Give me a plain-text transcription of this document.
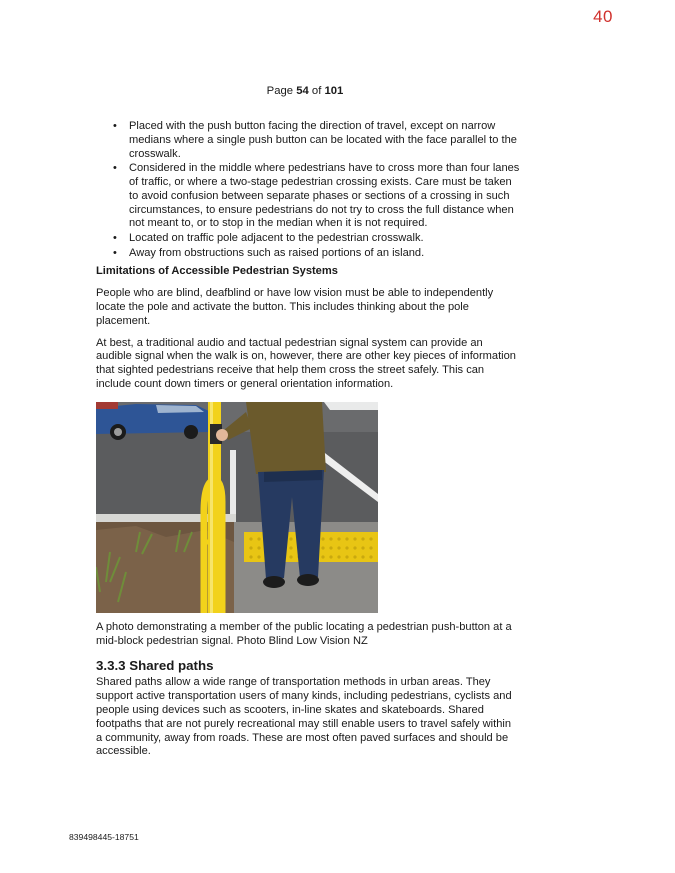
40
Page 54 of 101
• Placed with the push button facing the direction of travel, except on narrow medians where a single push button can be located with the face parallel to the crosswalk.
• Considered in the middle where pedestrians have to cross more than four lanes of traffic, or where a two-stage pedestrian crossing exists. Care must be taken to avoid confusion between separate phases or sections of a crossing in such circumstances, to ensure pedestrians do not try to cross the full distance when not meant to, or to stop in the median when it is not required.
• Located on traffic pole adjacent to the pedestrian crosswalk.
• Away from obstructions such as raised portions of an island.
Limitations of Accessible Pedestrian Systems

People who are blind, deafblind or have low vision must be able to independently locate the pole and activate the button. This includes thinking about the pole placement.

At best, a traditional audio and tactual pedestrian signal system can provide an audible signal when the walk is on, however, there are other key pieces of information that sighted pedestrians receive that help them cross the street safely. This can include count down timers or general orientation information.

A photo demonstrating a member of the public locating a pedestrian push-button at a mid-block pedestrian signal. Photo Blind Low Vision NZ

3.3.3 Shared paths

Shared paths allow a wide range of transportation methods in urban areas. They support active transportation users of many kinds, including pedestrians, cyclists and people using devices such as scooters, in-line skates and skateboards. Shared footpaths that are not purely recreational may still enable users to travel safely within a community, away from roads. These are most often paved surfaces and should be accessible.

839498445-18751
